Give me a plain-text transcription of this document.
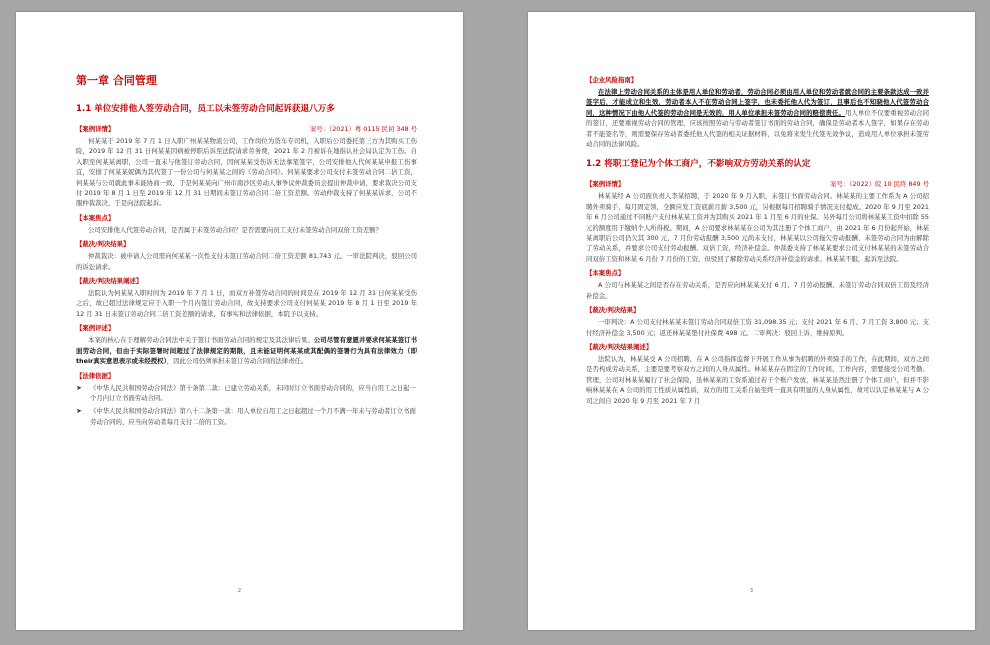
第一章 合同管理
1.1 单位安排他人签劳动合同，员工以未签劳动合同起诉获退八万多
【案例详情】	案号：（2021）粤 0115 民初 348 号

何某某于 2019 年 7 月 1 日入职广州某某物流公司，工作岗位为货车专司机，入职后公司委托第三方为其购买工伤险，2019 年 12 月 31 日何某某因病被停职后诉至法院请求劳务费，2021 年 2 月被诉在地指认社会局认定为工伤。自入职至何某某离职，公司一直未与他签订劳动合同，因何某某受伤诉无法拿笔签字，公司安排他人代何某某申报工伤事宜，安排了何某某妮偶为其代签了一份公司与何某某之间的《劳动合同》。何某某要求公司支付未签劳动合同二倍工资，何某某与公司就此事未能协商一致，于是何某某向广州市南沙区劳动人事争议仲裁委员会提出仲裁申请，要求裁决公司支付 2019 年 8 月 1 日至 2019 年 12 月 31 日期间未签订劳动合同二倍工资差额。劳动仲裁支持了何某某诉求，公司不服仲裁裁决，于是向法院起诉。

【本案焦点】

公司安排他人代签劳动合同，是否属于未签劳动合同？是否需要向员工支付未签劳动合同双倍工资差额？

【裁决/判决结果】

仲裁裁决：被申请人公司需向何某某一次性支付未签订劳动合同二倍工资差额 81,743 元。一审法院判决，驳回公司的诉讼请求。

【裁决/判决结果阐述】

法院认为何某某入职时间为 2019 年 7 月 1 日，而双方补签劳动合同的时间是在 2019 年 12 月 31 日何某某受伤之后，故已超过法律规定应于入职一个月内签订劳动合同，故支持要求公司支付何某某 2019 年 8 月 1 日至 2019 年 12 月 31 日未签订劳动合同二倍工资差额的请求，有事实和法律依据，本院予以支持。

【案例评述】

本案的核心在于理解劳动合同法中关于签订书面劳动合同的规定及其法律后果。公司尽管有意愿并要求何某某签订书面劳动合同，但由于实际签署时间超过了法律规定的期限，且未能证明何某某或其配偶的签署行为具有法律效力（即their真实意思表示或未经授权），因此公司仍须承担未签订劳动合同的法律责任。

【法律依据】
➤ 《中华人民共和国劳动合同法》第十条第二款：已建立劳动关系，未同时订立书面劳动合同的，应当自用工之日起一个月内订立书面劳动合同。
➤ 《中华人民共和国劳动合同法》第八十二条第一款：用人单位自用工之日起超过一个月不满一年未与劳动者订立书面劳动合同的，应当向劳动者每月支付二倍的工资。
2
【企业风险指南】

在法律上劳动合同关系的主体是用人单位和劳动者，劳动合同必须由用人单位和劳动者就合同的主要条款达成一致并签字后，才能成立和生效，劳动者本人不在劳动合同上签字，也未委托他人代为签订，且事后也不知晓他人代签劳动合同，这种情况下由他人代签的劳动合同是无效的，用人单位承担未签劳动合同的赔偿责任。用人单位不仅要重视劳动合同的签订，还要重视劳动合同的管理，应该按照劳动与劳动者签订书面的劳动合同，确保是劳动者本人签字，如果存在劳动者不能签名等，则需要保存劳动者委托他人代签的相关证据材料，以免将来发生代签无效争议，造成用人单位承担未签劳动合同的法律风险。

1.2 将职工登记为个体工商户，不影响双方劳动关系的认定
【案例详情】	案号：（2022）皖 10 民终 849 号

林某某经 A 公司面负责人李某招聘，于 2020 年 9 月入职，未签订书面劳动合同。林某某的主要工作系为 A 公司招聘外卖骑手，每月固定领，全额应发工资底薪月薪 3,500 元，另根据每月招聘骑手情况支付提成。2020 年 9 月至 2021 年 6 月公司通过不同账户支付林某某工资并为其购买 2021 年 1 月至 6 月的社保。另外每月公司将林某某工资中扣除 55 元的额度用于缴纳个人所得税。期间，A 公司要求林某某在公司为其注册了个体工商户，由 2021 年 6 月份起开始，林某某离职后公司仍欠其 300 元，7 月份劳动报酬 3,500 元尚未支付，林某某以公司拖欠劳动报酬、未签劳动合同为由解除了劳动关系，并要求公司支付劳动报酬、双倍工资，经济补偿金。仲裁委支持了林某某要求公司支付林某某的未签劳动合同双倍工资和林某 6 月份 7 月份的工资，但驳回了解除劳动关系经济补偿金的请求。林某某不服，起诉至法院。

【本案焦点】

A 公司与林某某之间是否存在劳动关系，是否应向林某某支付 6 月、7 月劳动报酬、未签订劳动合同双倍工资及经济补偿金。

【裁决/判决结果】

一审判决：A 公司支付林某某未签订劳动合同双倍工资 31,098.35 元；支付 2021 年 6 月、7 月工资 3,800 元；支付经济补偿金 3,500 元；返还林某某垫付社保费 498 元。二审判决：驳回上诉，维持原判。

【裁决/判决结果阐述】

法院认为，林某某受 A 公司招聘，在 A 公司指挥监督下开展工作从事为招聘的外卖骑手的工作，在此期间，双方之间是否构成劳动关系，主要是要考察双方之间的人身从属性。林某某存在固定的工作时间、工作内容，需要接受公司考勤、管理，公司对林某某履行了社会保险，虽林某某的工资系通过若干个账户发放，林某某虽然注册了个体工商户，但并不影响林某某在 A 公司的用工性质从属性质，双方的用工关系自始至终一直具有明显的人身从属性，故可以认定林某某与 A 公司之间自 2020 年 9 月至 2021 年 7 月

3
